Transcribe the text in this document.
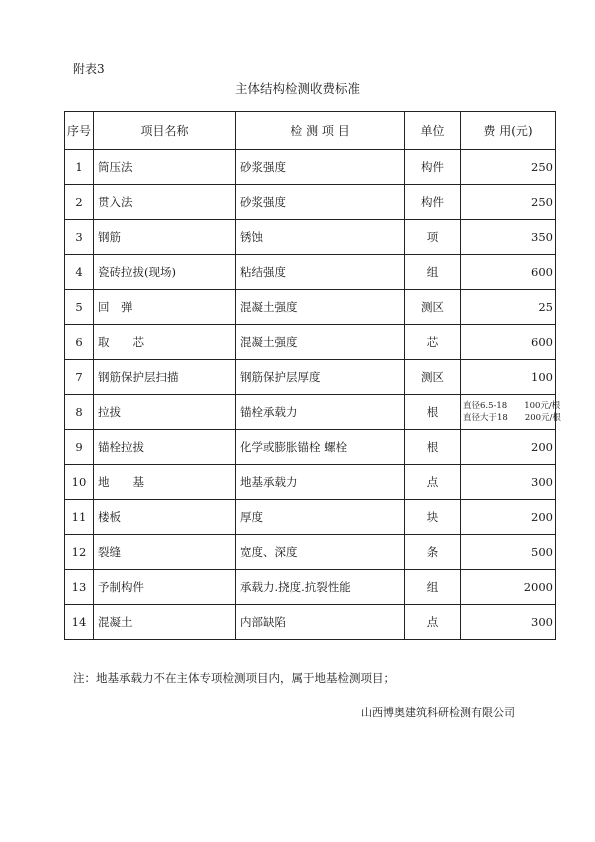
附表3
主体结构检测收费标准
序号	项目名称	检 测 项 目	单位	费 用(元)
1	筒压法	砂浆强度	构件	250
2	贯入法	砂浆强度	构件	250
3	钢筋	锈蚀	项	350
4	瓷砖拉拔(现场)	粘结强度	组	600
5	回　弹	混凝土强度	测区	25
6	取　　芯	混凝土强度	芯	600
7	钢筋保护层扫描	钢筋保护层厚度	测区	100
8	拉拔	锚栓承载力	根	直径6.5-18　　100元/根
直径大于18　　200元/根

9	锚栓拉拔	化学或膨胀锚栓 螺栓	根	200
10	地　　基	地基承载力	点	300
11	楼板	厚度	块	200
12	裂缝	宽度、深度	条	500
13	予制构件	承载力.挠度.抗裂性能	组	2000
14	混凝土	内部缺陷	点	300
注：地基承载力不在主体专项检测项目内，属于地基检测项目；
山西博奥建筑科研检测有限公司
